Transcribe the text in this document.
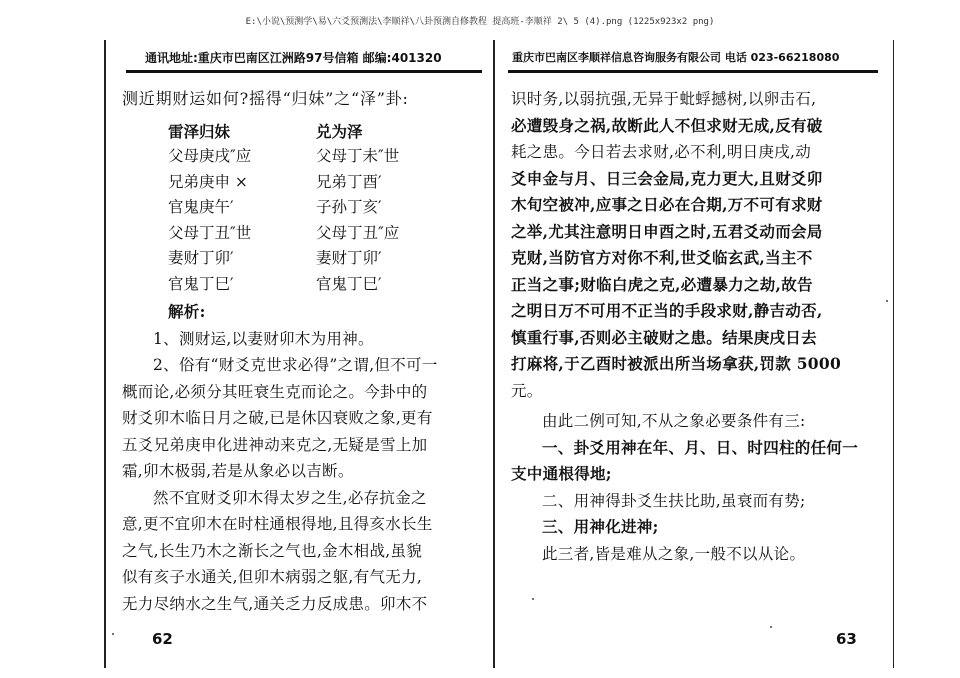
E:\小说\预测学\易\六爻预测法\李顺祥\八卦预测自修教程 提高班-李顺祥 2\ 5 (4).png (1225x923x2 png)
通讯地址:重庆市巴南区江洲路97号信箱 邮编:401320
测近期财运如何?摇得“归妹”之“泽”卦:
雷泽归妹	兑为泽
父母庚戌″应	父母丁未″世
兄弟庚申 ×	兄弟丁酉′
官鬼庚午′	子孙丁亥′
父母丁丑″世	父母丁丑″应
妻财丁卯′	妻财丁卯′
官鬼丁巳′	官鬼丁巳′
解析:
1、测财运,以妻财卯木为用神。
2、俗有“财爻克世求必得”之谓,但不可一
概而论,必须分其旺衰生克而论之。今卦中的
财爻卯木临日月之破,已是休囚衰败之象,更有
五爻兄弟庚申化进神动来克之,无疑是雪上加
霜,卯木极弱,若是从象必以吉断。
然不宜财爻卯木得太岁之生,必存抗金之
意,更不宜卯木在时柱通根得地,且得亥水长生
之气,长生乃木之渐长之气也,金木相战,虽貌
似有亥子水通关,但卯木病弱之躯,有气无力,
无力尽纳水之生气,通关乏力反成患。卯木不
62
重庆市巴南区李顺祥信息咨询服务有限公司 电话 023-66218080
识时务,以弱抗强,无异于蚍蜉撼树,以卵击石,
必遭毁身之祸,故断此人不但求财无成,反有破
耗之患。今日若去求财,必不利,明日庚戌,动
爻申金与月、日三会金局,克力更大,且财爻卯
木旬空被冲,应事之日必在合期,万不可有求财
之举,尤其注意明日申酉之时,五君爻动而会局
克财,当防官方对你不利,世爻临玄武,当主不
正当之事;财临白虎之克,必遭暴力之劫,故告
之明日万不可用不正当的手段求财,静吉动否,
慎重行事,否则必主破财之患。结果庚戌日去
打麻将,于乙酉时被派出所当场拿获,罚款 5000
元。
由此二例可知,不从之象必要条件有三:
一、卦爻用神在年、月、日、时四柱的任何一
支中通根得地;
二、用神得卦爻生扶比助,虽衰而有势;
三、用神化进神;
此三者,皆是难从之象,一般不以从论。
63
